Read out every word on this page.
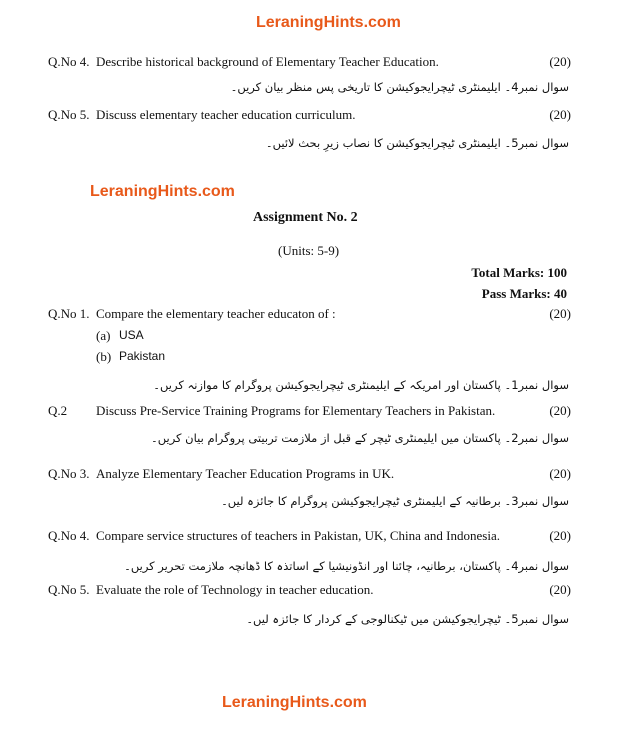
LeraningHints.com
Q.No 4. Describe historical background of Elementary Teacher Education.	(20)
سوال نمبر4۔ ایلیمنٹری ٹیچرایجوکیشن کا تاریخی پس منظر بیان کریں۔
Q.No 5. Discuss elementary teacher education curriculum.	(20)
سوال نمبر5۔ ایلیمنٹری ٹیچرایجوکیشن کا نصاب زیرِ بحث لائیں۔
LeraningHints.com
Assignment No. 2
(Units: 5-9)
Total Marks: 100
Pass Marks: 40
Q.No 1. Compare the elementary teacher educaton of :	(20)
(a) USA
(b) Pakistan
سوال نمبر1۔ پاکستان اور امریکہ کے ایلیمنٹری ٹیچرایجوکیشن پروگرام کا موازنہ کریں۔
Q.2 Discuss Pre-Service Training Programs for Elementary Teachers in Pakistan.	(20)
سوال نمبر2۔ پاکستان میں ایلیمنٹری ٹیچر کے قبل از ملازمت تربیتی پروگرام بیان کریں۔
Q.No 3. Analyze Elementary Teacher Education Programs in UK.	(20)
سوال نمبر3۔ برطانیہ کے ایلیمنٹری ٹیچرایجوکیشن پروگرام کا جائزہ لیں۔
Q.No 4. Compare service structures of teachers in Pakistan, UK, China and Indonesia.	(20)
سوال نمبر4۔ پاکستان، برطانیہ، چائنا اور انڈونیشیا کے اساتذہ کا ڈھانچہ ملازمت تحریر کریں۔
Q.No 5. Evaluate the role of Technology in teacher education.	(20)
سوال نمبر5۔ ٹیچرایجوکیشن میں ٹیکنالوجی کے کردار کا جائزہ لیں۔
LeraningHints.com
